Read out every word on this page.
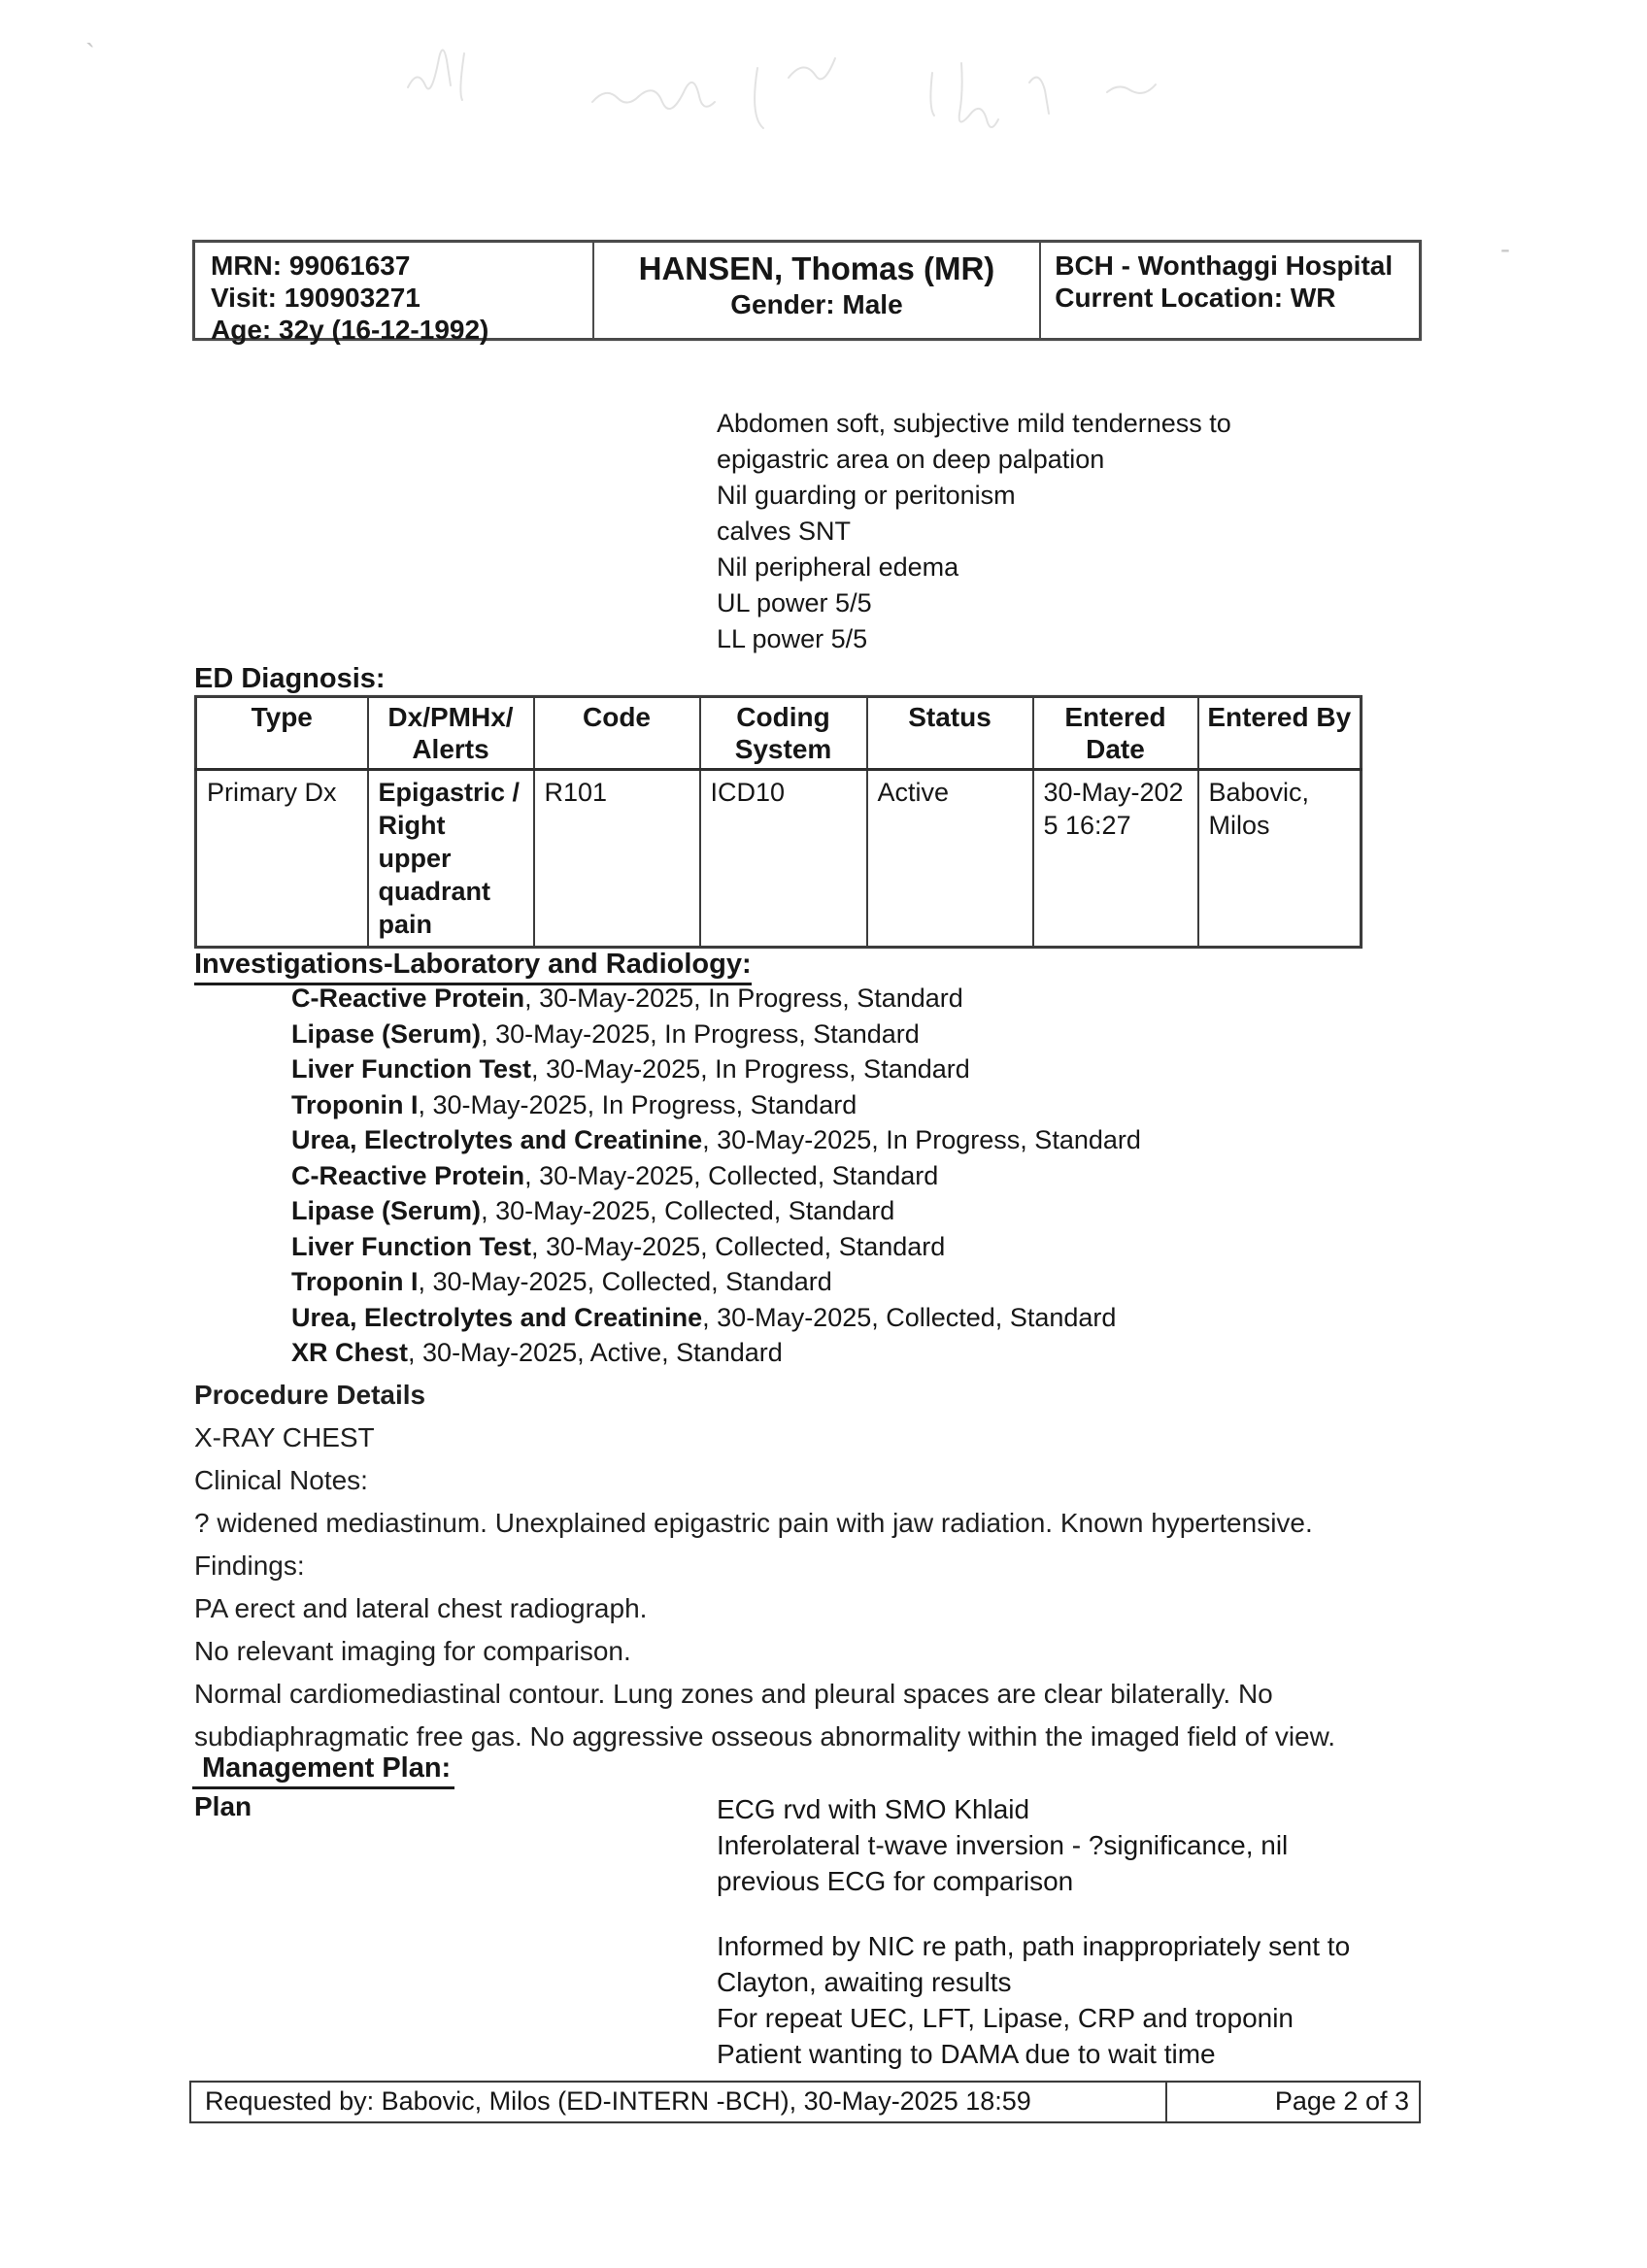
`
-
MRN: 99061637
Visit: 190903271
Age: 32y (16-12-1992)
HANSEN, Thomas (MR)
Gender: Male
BCH - Wonthaggi Hospital
Current Location: WR
Abdomen soft, subjective mild tenderness to
epigastric area on deep palpation
Nil guarding or peritonism
calves SNT
Nil peripheral edema
UL power 5/5
LL power 5/5
ED Diagnosis:
Type	Dx/PMHx/ Alerts	Code	Coding System	Status	Entered Date	Entered By
Primary Dx	Epigastric / Right upper quadrant pain	R101	ICD10	Active	30-May-2025 16:27	Babovic, Milos
Investigations-Laboratory and Radiology:
C-Reactive Protein, 30-May-2025, In Progress, Standard
Lipase (Serum), 30-May-2025, In Progress, Standard
Liver Function Test, 30-May-2025, In Progress, Standard
Troponin I, 30-May-2025, In Progress, Standard
Urea, Electrolytes and Creatinine, 30-May-2025, In Progress, Standard
C-Reactive Protein, 30-May-2025, Collected, Standard
Lipase (Serum), 30-May-2025, Collected, Standard
Liver Function Test, 30-May-2025, Collected, Standard
Troponin I, 30-May-2025, Collected, Standard
Urea, Electrolytes and Creatinine, 30-May-2025, Collected, Standard
XR Chest, 30-May-2025, Active, Standard
Procedure Details
X-RAY CHEST
Clinical Notes:
? widened mediastinum. Unexplained epigastric pain with jaw radiation. Known hypertensive.
Findings:
PA erect and lateral chest radiograph.
No relevant imaging for comparison.
Normal cardiomediastinal contour. Lung zones and pleural spaces are clear bilaterally. No
subdiaphragmatic free gas. No aggressive osseous abnormality within the imaged field of view.
Management Plan:
Plan	ECG rvd with SMO Khlaid
Inferolateral t-wave inversion - ?significance, nil
previous ECG for comparison
Informed by NIC re path, path inappropriately sent to
Clayton, awaiting results
For repeat UEC, LFT, Lipase, CRP and troponin
Patient wanting to DAMA due to wait time
Requested by: Babovic, Milos (ED-INTERN -BCH), 30-May-2025 18:59	Page 2 of 3
